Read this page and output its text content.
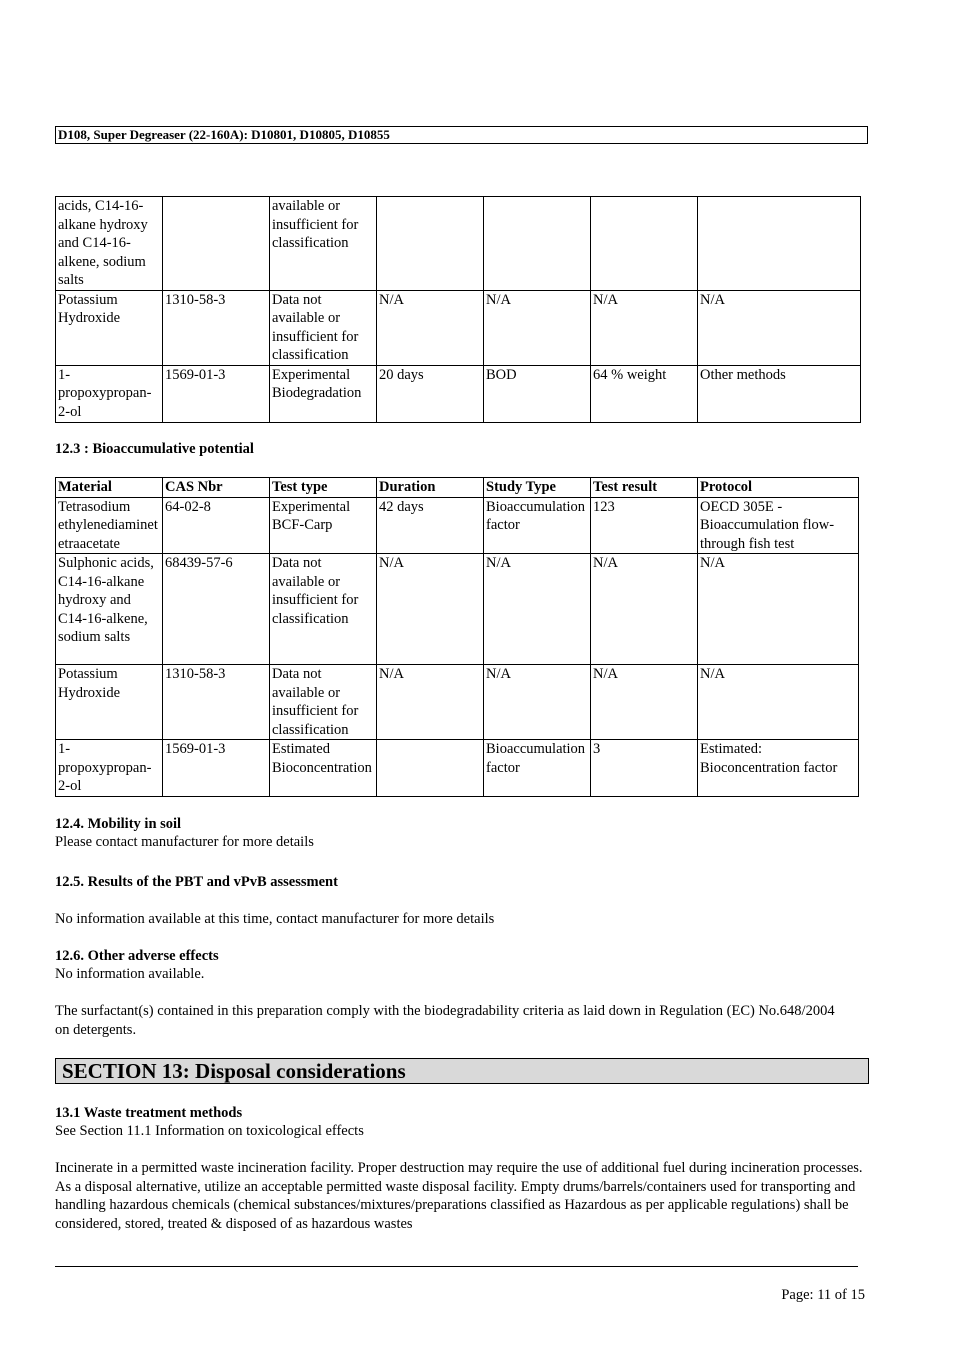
D108, Super Degreaser (22-160A): D10801, D10805, D10855
acids, C14-16-alkane hydroxy and C14-16-alkene, sodium salts		available or insufficient for classification				
Potassium Hydroxide	1310-58-3	Data not available or insufficient for classification	N/A	N/A	N/A	N/A
1-propoxypropan-2-ol	1569-01-3	Experimental Biodegradation	20 days	BOD	64 % weight	Other methods
12.3 : Bioaccumulative potential
Material	CAS Nbr	Test type	Duration	Study Type	Test result	Protocol
Tetrasodium ethylenediaminetetraacetate	64-02-8	Experimental BCF-Carp	42 days	Bioaccumulation factor	123	OECD 305E - Bioaccumulation flow-through fish test
Sulphonic acids, C14-16-alkane hydroxy and C14-16-alkene, sodium salts	68439-57-6	Data not available or insufficient for classification	N/A	N/A	N/A	N/A
Potassium Hydroxide	1310-58-3	Data not available or insufficient for classification	N/A	N/A	N/A	N/A
1-propoxypropan-2-ol	1569-01-3	Estimated Bioconcentration		Bioaccumulation factor	3	Estimated: Bioconcentration factor
12.4. Mobility in soil
Please contact manufacturer for more details
12.5. Results of the PBT and vPvB assessment
No information available at this time, contact manufacturer for more details
12.6. Other adverse effects
No information available.
The surfactant(s) contained in this preparation comply with the biodegradability criteria as laid down in Regulation (EC) No.648/2004 on detergents.
SECTION 13: Disposal considerations
13.1 Waste treatment methods
See Section 11.1 Information on toxicological effects
Incinerate in a permitted waste incineration facility. Proper destruction may require the use of additional fuel during incineration processes. As a disposal alternative, utilize an acceptable permitted waste disposal facility. Empty drums/barrels/containers used for transporting and handling hazardous chemicals (chemical substances/mixtures/preparations classified as Hazardous as per applicable regulations) shall be considered, stored, treated & disposed of as hazardous wastes
Page: 11 of 15
